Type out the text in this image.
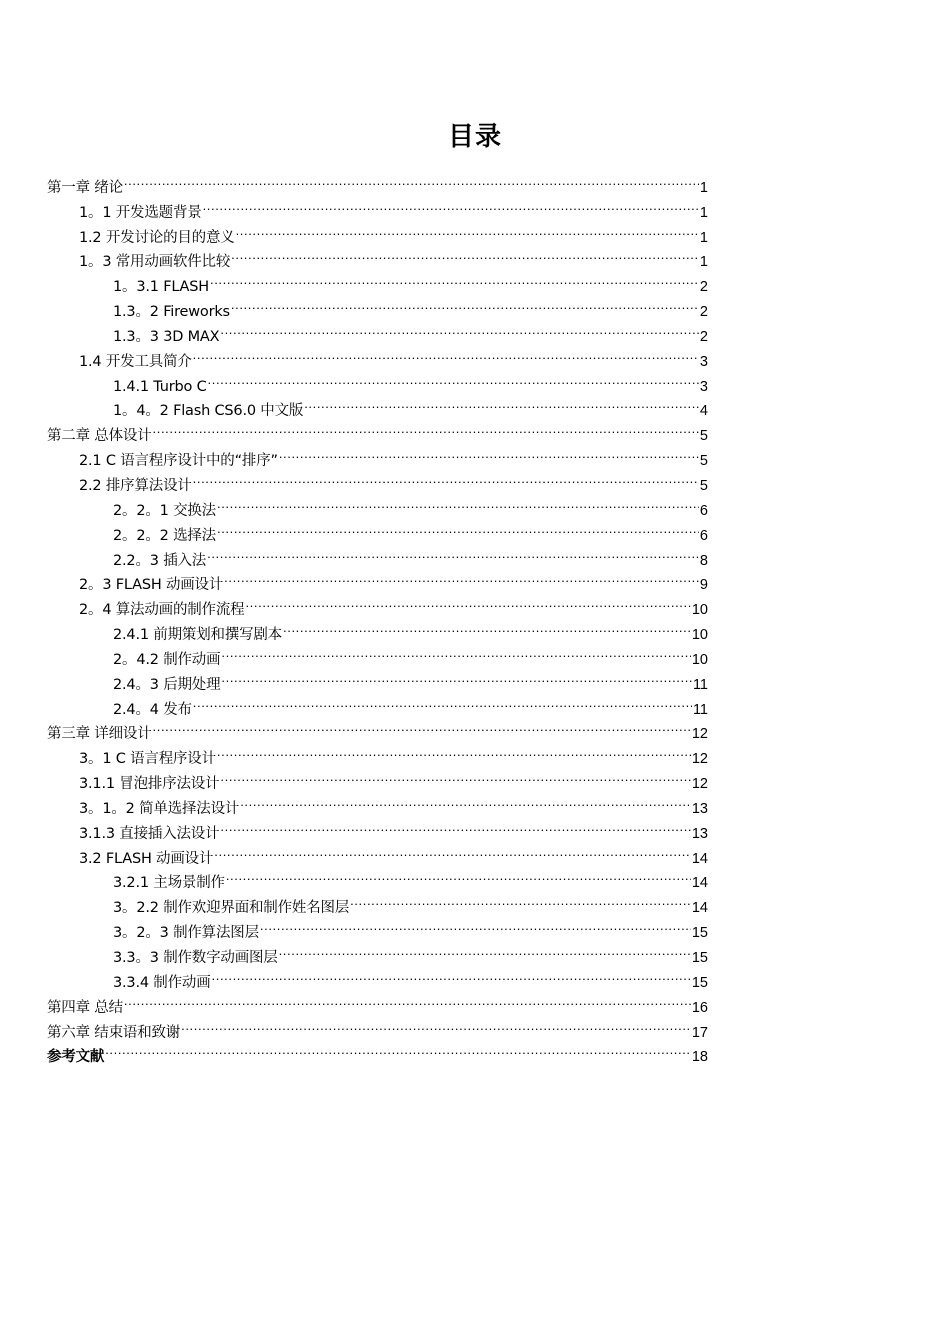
目录
第一章 绪论 .....	1
1。1 开发选题背景 .....	1
1.2 开发讨论的目的意义 .....	1
1。3 常用动画软件比较 .....	1
1。3.1 FLASH .....	2
1.3。2 Fireworks .....	2
1.3。3 3D MAX .....	2
1.4 开发工具简介 .....	3
1.4.1 Turbo C .....	3
1。4。2 Flash CS6.0 中文版 .....	4
第二章 总体设计 .....	5
2.1 C 语言程序设计中的“排序” .....	5
2.2 排序算法设计 .....	5
2。2。1 交换法 .....	6
2。2。2 选择法 .....	6
2.2。3 插入法 .....	8
2。3 FLASH 动画设计 .....	9
2。4 算法动画的制作流程 .....	10
2.4.1 前期策划和撰写剧本 .....	10
2。4.2 制作动画 .....	10
2.4。3 后期处理 .....	11
2.4。4 发布 .....	11
第三章 详细设计 .....	12
3。1 C 语言程序设计 .....	12
3.1.1 冒泡排序法设计 .....	12
3。1。2 简单选择法设计 .....	13
3.1.3 直接插入法设计 .....	13
3.2 FLASH 动画设计 .....	14
3.2.1 主场景制作 .....	14
3。2.2 制作欢迎界面和制作姓名图层 .....	14
3。2。3 制作算法图层 .....	15
3.3。3 制作数字动画图层 .....	15
3.3.4 制作动画 .....	15
第四章 总结 .....	16
第六章 结束语和致谢 .....	17
参考文献 .....	18
